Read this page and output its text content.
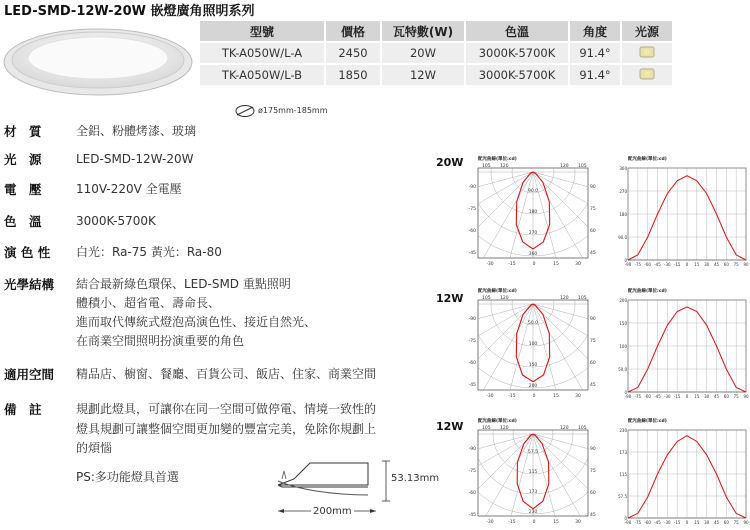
LED-SMD-12W-20W 嵌燈廣角照明系列
型號	價格	瓦特數(W)	色溫	角度	光源
TK-A050W/L-A	2450	20W	3000K-5700K	91.4°	
TK-A050W/L-B	1850	12W	3000K-5700K	91.4°	
ø175mm-185mm
材　質	全鋁、粉體烤漆、玻璃
光　源	LED-SMD-12W-20W
電　壓	110V-220V 全電壓
色　溫	3000K-5700K
演 色 性 白光：Ra-75 黃光：Ra-80
光學結構 結合最新綠色環保、LED-SMD 重點照明
體積小、超省電、壽命長、
進而取代傳統式燈泡高演色性、接近自然光、
在商業空間照明扮演重要的角色
適用空間 精品店、櫥窗、餐廳、百貨公司、飯店、住家、商業空間
備　註	規劃此燈具，可讓你在同一空間可做停電、情境一致性的
燈具規劃可讓整個空間更加變的豐富完美，免除你規劃上
的煩惱
PS:多功能燈具首選	53.13mm
200mm
20W
12W
12W
配光曲線(單位:cd)
90.0
180
270
360
105 120	120 105
-90
-75
-60
-45
90
75
60
45
-30	-15	0	15	30
配光曲線(單位:cd)
50.0
100
150
200
105 120	120 105
-90
-75
-60
-45
90
75
60
45
-30	-15	0	15	30
配光曲線(單位:cd)
57.5
115
173
230
105 120	120 105
-90
-75
-60
-45
90
75
60
45
-30	-15	0	15	30
配光曲線(單位:cd)
-90 -75 -60 -45 -30 -15 0 15 30 45 60 75 90
90.0
180
270
360
0
配光曲線(單位:cd)
-90 -75 -60 -45 -30 -15 0 15 30 45 60 75 90
50.0
100
150
200
0
配光曲線(單位:cd)
-90 -75 -60 -45 -30 -15 0 15 30 45 60 75 90
57.5
115
173
230
0
